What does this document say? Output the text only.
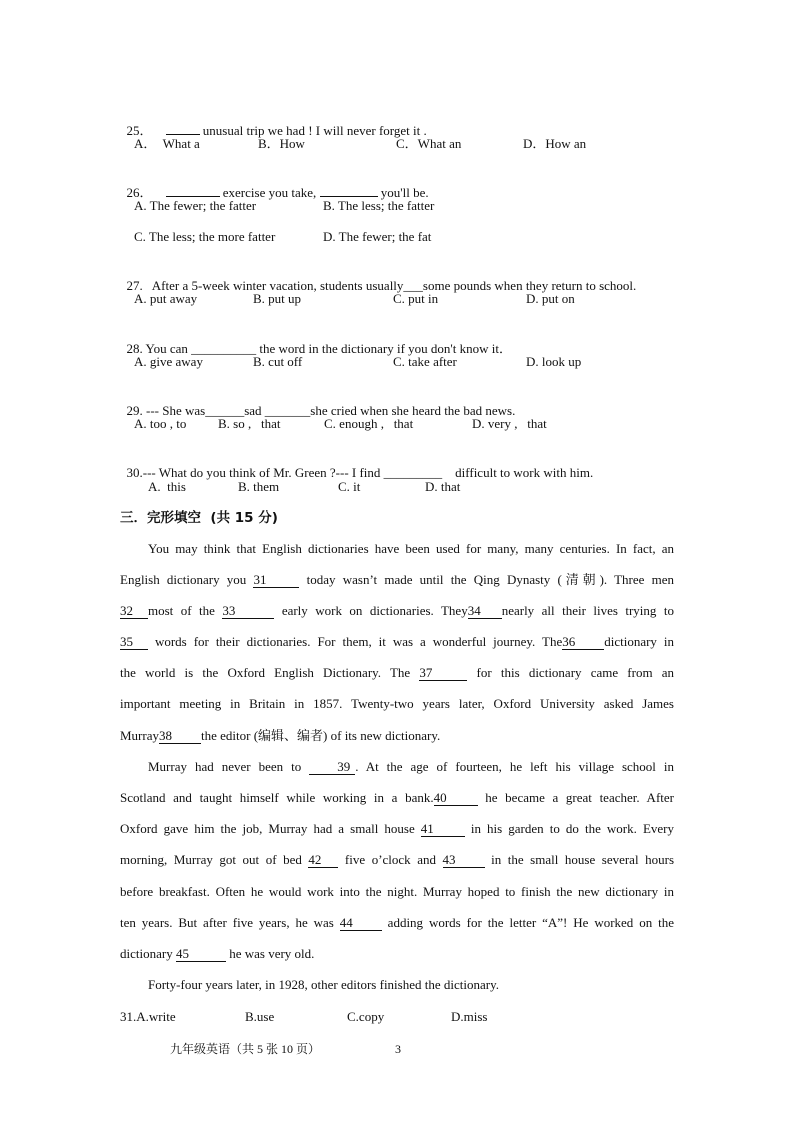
25．	unusual trip we had ! I will never forget it .

A．  What a	B．How	C．What an	D．How an

26．	exercise you take,	you'll be.

A. The fewer; the fatter	B. The less; the fatter
C. The less; the more fatter	D. The fewer; the fat

27. After a 5-week winter vacation, students usually___some pounds when they return to school.

A. put away	B. put up	C. put in	D. put on

28. You can __________ the word in the dictionary if you don't know it．

A. give away	B. cut off	C. take after	D. look up

29. --- She was______sad _______she cried when she heard the bad news.

A. too , to B. so ,   that	C. enough ,   that	D. very ,   that

30.--- What do you think of Mr. Green ?--- I find _________    difficult to work with him.

A.  this	B. them	C. it	D. that
三．完形填空  (共 15 分)
You may think that English dictionaries have been used for many, many centuries. In fact, an
English dictionary you 31	today wasn’t made until the Qing Dynasty (清朝). Three men
32 most of the 33	early work on dictionaries. They34 nearly all their lives trying to
35 words for their dictionaries. For them, it was a wonderful journey. The36 dictionary in
the world is the Oxford English Dictionary. The 37	for this dictionary came from an
important meeting in Britain in 1857. Twenty-two years later, Oxford University asked James
Murray38 the editor (编辑、编者) of its new dictionary.
Murray had never been to 39 . At the age of fourteen, he left his village school in
Scotland and taught himself while working in a bank.40 he became a great teacher. After
Oxford gave him the job, Murray had a small house 41 in his garden to do the work. Every
morning, Murray got out of bed 42 five o’clock and 43 in the small house several hours
before breakfast. Often he would work into the night. Murray hoped to finish the new dictionary in
ten years. But after five years, he was 44 adding words for the letter “A”! He worked on the
dictionary 45	he was very old.
Forty-four years later, in 1928, other editors finished the dictionary.
31.A.write	B.use	C.copy	D.miss
九年级英语（共 5 张 10 页）	3
